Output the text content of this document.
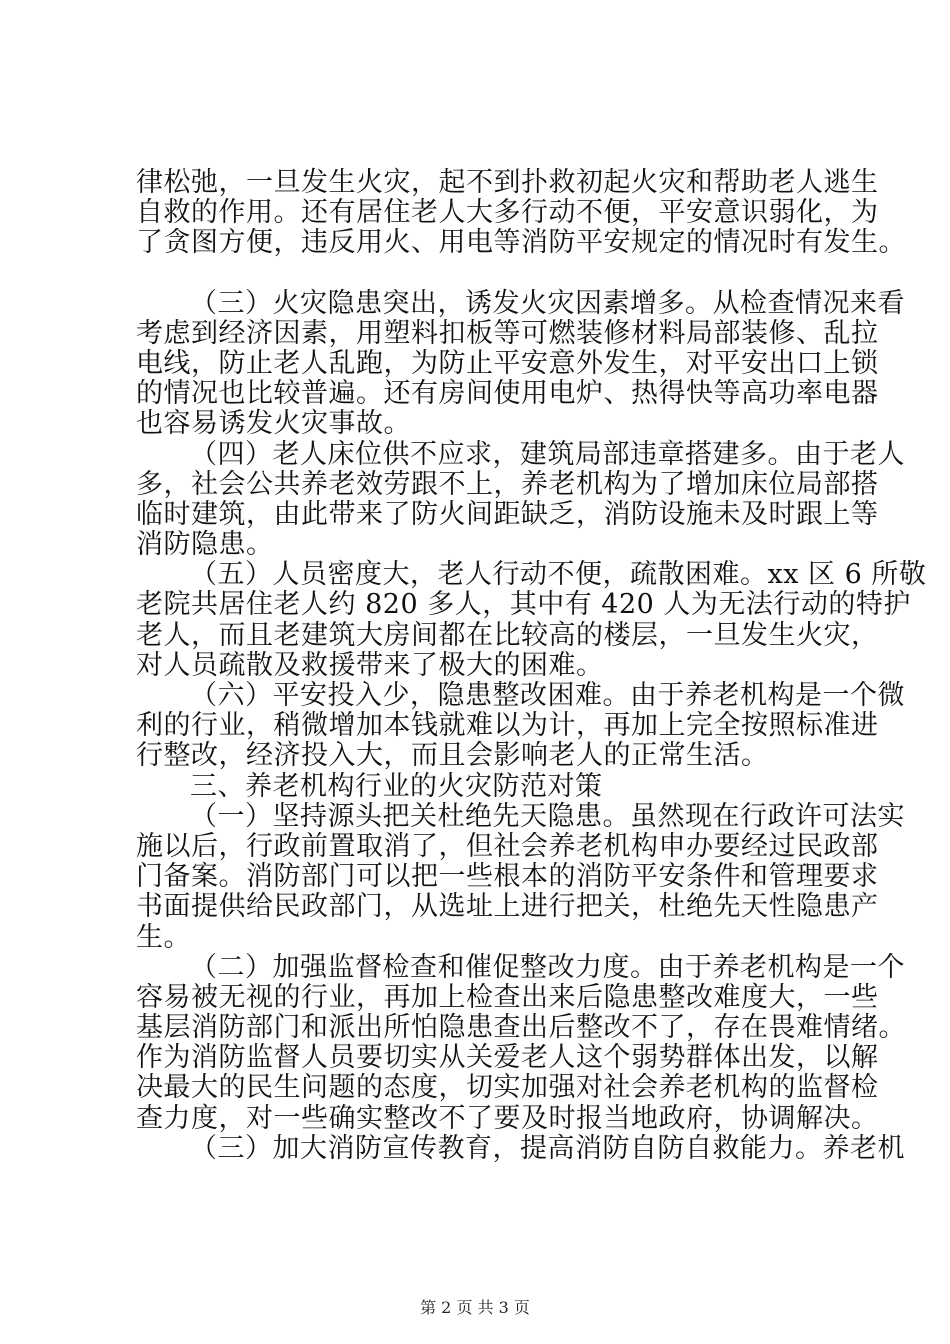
律松弛，一旦发生火灾，起不到扑救初起火灾和帮助老人逃生
自救的作用。还有居住老人大多行动不便，平安意识弱化，为
了贪图方便，违反用火、用电等消防平安规定的情况时有发生。
（三）火灾隐患突出，诱发火灾因素增多。从检查情况来看
考虑到经济因素，用塑料扣板等可燃装修材料局部装修、乱拉
电线，防止老人乱跑，为防止平安意外发生，对平安出口上锁
的情况也比较普遍。还有房间使用电炉、热得快等高功率电器
也容易诱发火灾事故。
（四）老人床位供不应求，建筑局部违章搭建多。由于老人
多，社会公共养老效劳跟不上，养老机构为了增加床位局部搭
临时建筑，由此带来了防火间距缺乏，消防设施未及时跟上等
消防隐患。
（五）人员密度大，老人行动不便，疏散困难。xx 区 6 所敬
老院共居住老人约 820 多人，其中有 420 人为无法行动的特护
老人，而且老建筑大房间都在比较高的楼层，一旦发生火灾，
对人员疏散及救援带来了极大的困难。
（六）平安投入少，隐患整改困难。由于养老机构是一个微
利的行业，稍微增加本钱就难以为计，再加上完全按照标准进
行整改，经济投入大，而且会影响老人的正常生活。
三、养老机构行业的火灾防范对策
（一）坚持源头把关杜绝先天隐患。虽然现在行政许可法实
施以后，行政前置取消了，但社会养老机构申办要经过民政部
门备案。消防部门可以把一些根本的消防平安条件和管理要求
书面提供给民政部门，从选址上进行把关，杜绝先天性隐患产
生。
（二）加强监督检查和催促整改力度。由于养老机构是一个
容易被无视的行业，再加上检查出来后隐患整改难度大，一些
基层消防部门和派出所怕隐患查出后整改不了，存在畏难情绪。
作为消防监督人员要切实从关爱老人这个弱势群体出发，以解
决最大的民生问题的态度，切实加强对社会养老机构的监督检
查力度，对一些确实整改不了要及时报当地政府，协调解决。
（三）加大消防宣传教育，提高消防自防自救能力。养老机
第 2 页 共 3 页
